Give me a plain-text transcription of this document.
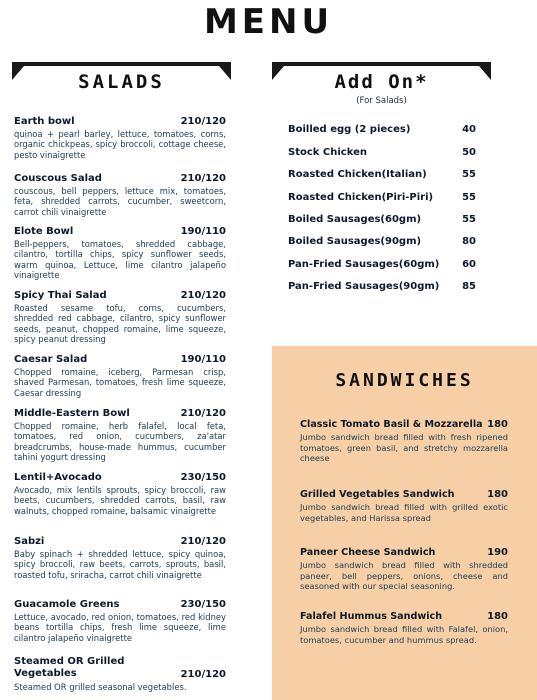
MENU
SALADS
Earth bowl	210/120
quinoa + pearl barley, lettuce, tomatoes, corns, organic chickpeas, spicy broccoli, cottage cheese, pesto vinaigrette
Couscous Salad	210/120
couscous, bell peppers, lettuce mix, tomatoes, feta, shredded carrots, cucumber, sweetcorn, carrot chili vinaigrette
Elote Bowl	190/110
Bell-peppers, tomatoes, shredded cabbage, cilantro, tortilla chips, spicy sunflower seeds, warm quinoa, Lettuce, lime cilantro jalapeño vinaigrette
Spicy Thai Salad	210/120
Roasted sesame tofu, corns, cucumbers, shredded red cabbage, cilantro, spicy sunflower seeds, peanut, chopped romaine, lime squeeze, spicy peanut dressing
Caesar Salad	190/110
Chopped romaine, iceberg, Parmesan crisp, shaved Parmesan, tomatoes, fresh lime squeeze, Caesar dressing
Middle-Eastern Bowl	210/120
Chopped romaine, herb falafel, local feta, tomatoes, red onion, cucumbers, za'atar breadcrumbs, house-made hummus, cucumber tahini yogurt dressing
Lentil+Avocado	230/150
Avocado, mix lentils sprouts, spicy broccoli, raw beets, cucumbers, shredded carrots, basil, raw walnuts, chopped romaine, balsamic vinaigrette
Sabzi	210/120
Baby spinach + shredded lettuce, spicy quinoa, spicy broccoli, raw beets, carrots, sprouts, basil, roasted tofu, sriracha, carrot chili vinaigrette
Guacamole Greens	230/150
Lettuce, avocado, red onion, tomatoes, red kidney beans tortilla chips, fresh lime squeeze, lime cilantro jalapeño vinaigrette
Steamed OR Grilled Vegetables	210/120
Steamed OR grilled seasonal vegetables.
Add On*
(For Salads)
Boilled egg (2 pieces)	40
Stock Chicken	50
Roasted Chicken(Italian)	55
Roasted Chicken(Piri-Piri)	55
Boiled Sausages(60gm)	55
Boiled Sausages(90gm)	80
Pan-Fried Sausages(60gm) 60
Pan-Fried Sausages(90gm) 85
SANDWICHES
Classic Tomato Basil & Mozzarella 180
Jumbo sandwich bread filled with fresh ripened tomatoes, green basil, and stretchy mozzarella cheese
Grilled Vegetables Sandwich	180
Jumbo sandwich bread filled with grilled exotic vegetables, and Harissa spread
Paneer Cheese Sandwich	190
Jumbo sandwich bread filled with shredded paneer, bell peppers, onions, cheese and seasoned with our special seasoning.
Falafel Hummus Sandwich	180
Jumbo sandwich bread filled with Falafel, onion, tomatoes, cucumber and hummus spread.
